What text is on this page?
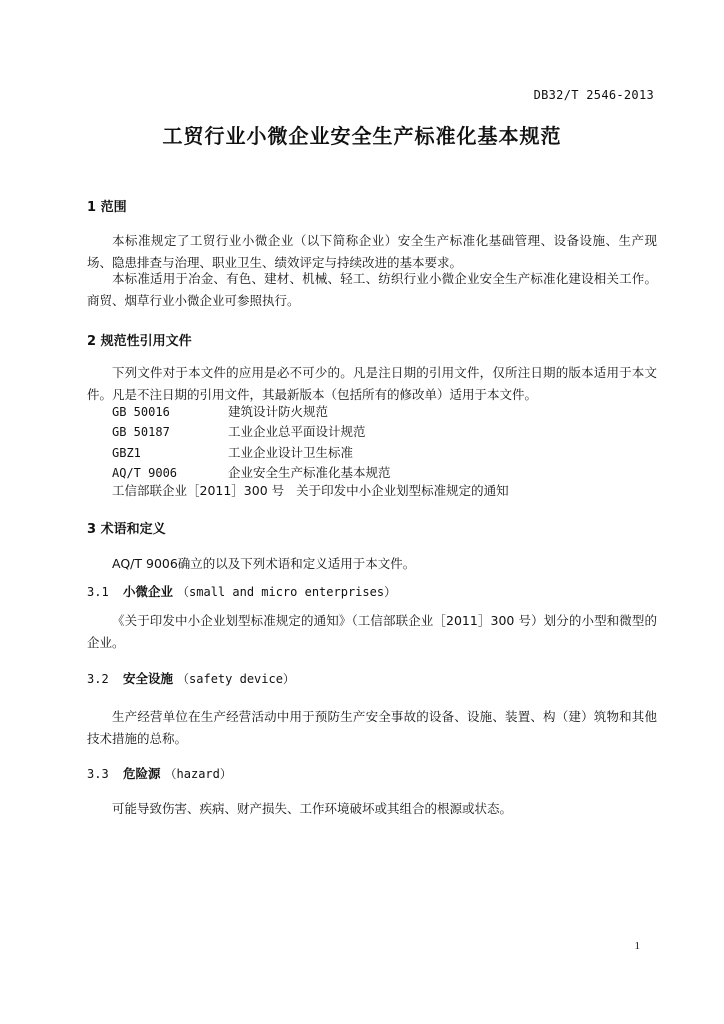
DB32/T 2546-2013
工贸行业小微企业安全生产标准化基本规范
1 范围
本标准规定了工贸行业小微企业（以下简称企业）安全生产标准化基础管理、设备设施、生产现场、隐患排查与治理、职业卫生、绩效评定与持续改进的基本要求。
本标准适用于冶金、有色、建材、机械、轻工、纺织行业小微企业安全生产标准化建设相关工作。商贸、烟草行业小微企业可参照执行。
2 规范性引用文件
下列文件对于本文件的应用是必不可少的。凡是注日期的引用文件，仅所注日期的版本适用于本文件。凡是不注日期的引用文件，其最新版本（包括所有的修改单）适用于本文件。
GB 50016	建筑设计防火规范
GB 50187	工业企业总平面设计规范
GBZ1	工业企业设计卫生标准
AQ/T 9006	企业安全生产标准化基本规范
工信部联企业［2011］300 号   关于印发中小企业划型标准规定的通知
3 术语和定义
AQ/T 9006确立的以及下列术语和定义适用于本文件。
3.1 小微企业 （small and micro enterprises）
《关于印发中小企业划型标准规定的通知》（工信部联企业［2011］300 号）划分的小型和微型的企业。
3.2 安全设施 （safety device）
生产经营单位在生产经营活动中用于预防生产安全事故的设备、设施、装置、构（建）筑物和其他技术措施的总称。
3.3 危险源 （hazard）
可能导致伤害、疾病、财产损失、工作环境破坏或其组合的根源或状态。
1
